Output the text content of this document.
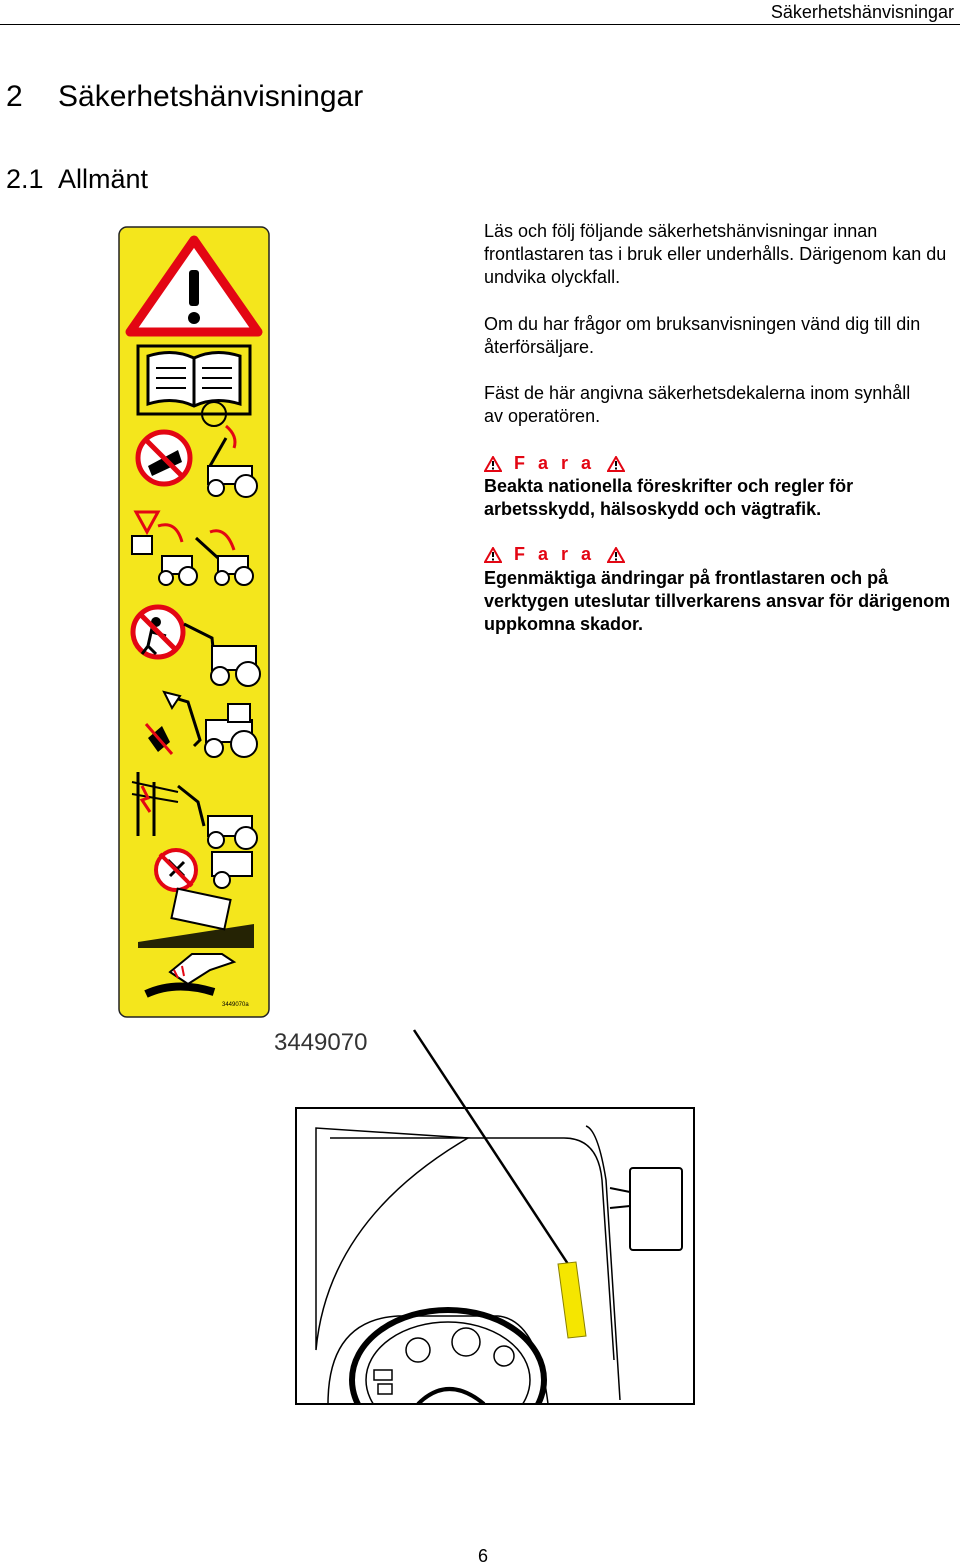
Säkerhetshänvisningar
2 Säkerhetshänvisningar
2.1 Allmänt
3449070a

Läs och följ följande säkerhetshänvisningar innan frontlastaren tas i bruk eller underhålls. Därigenom kan du undvika olyckfall.

Om du har frågor om bruksanvisningen vänd dig till din återförsäljare.

Fäst de här angivna säkerhetsdekalerna inom synhåll
av operatören.

F a r a

Beakta nationella föreskrifter och regler för arbetsskydd, hälsoskydd och vägtrafik.

F a r a

Egenmäktiga ändringar på frontlastaren och på verktygen uteslutar tillverkarens ansvar för därigenom uppkomna skador.

3449070
6
